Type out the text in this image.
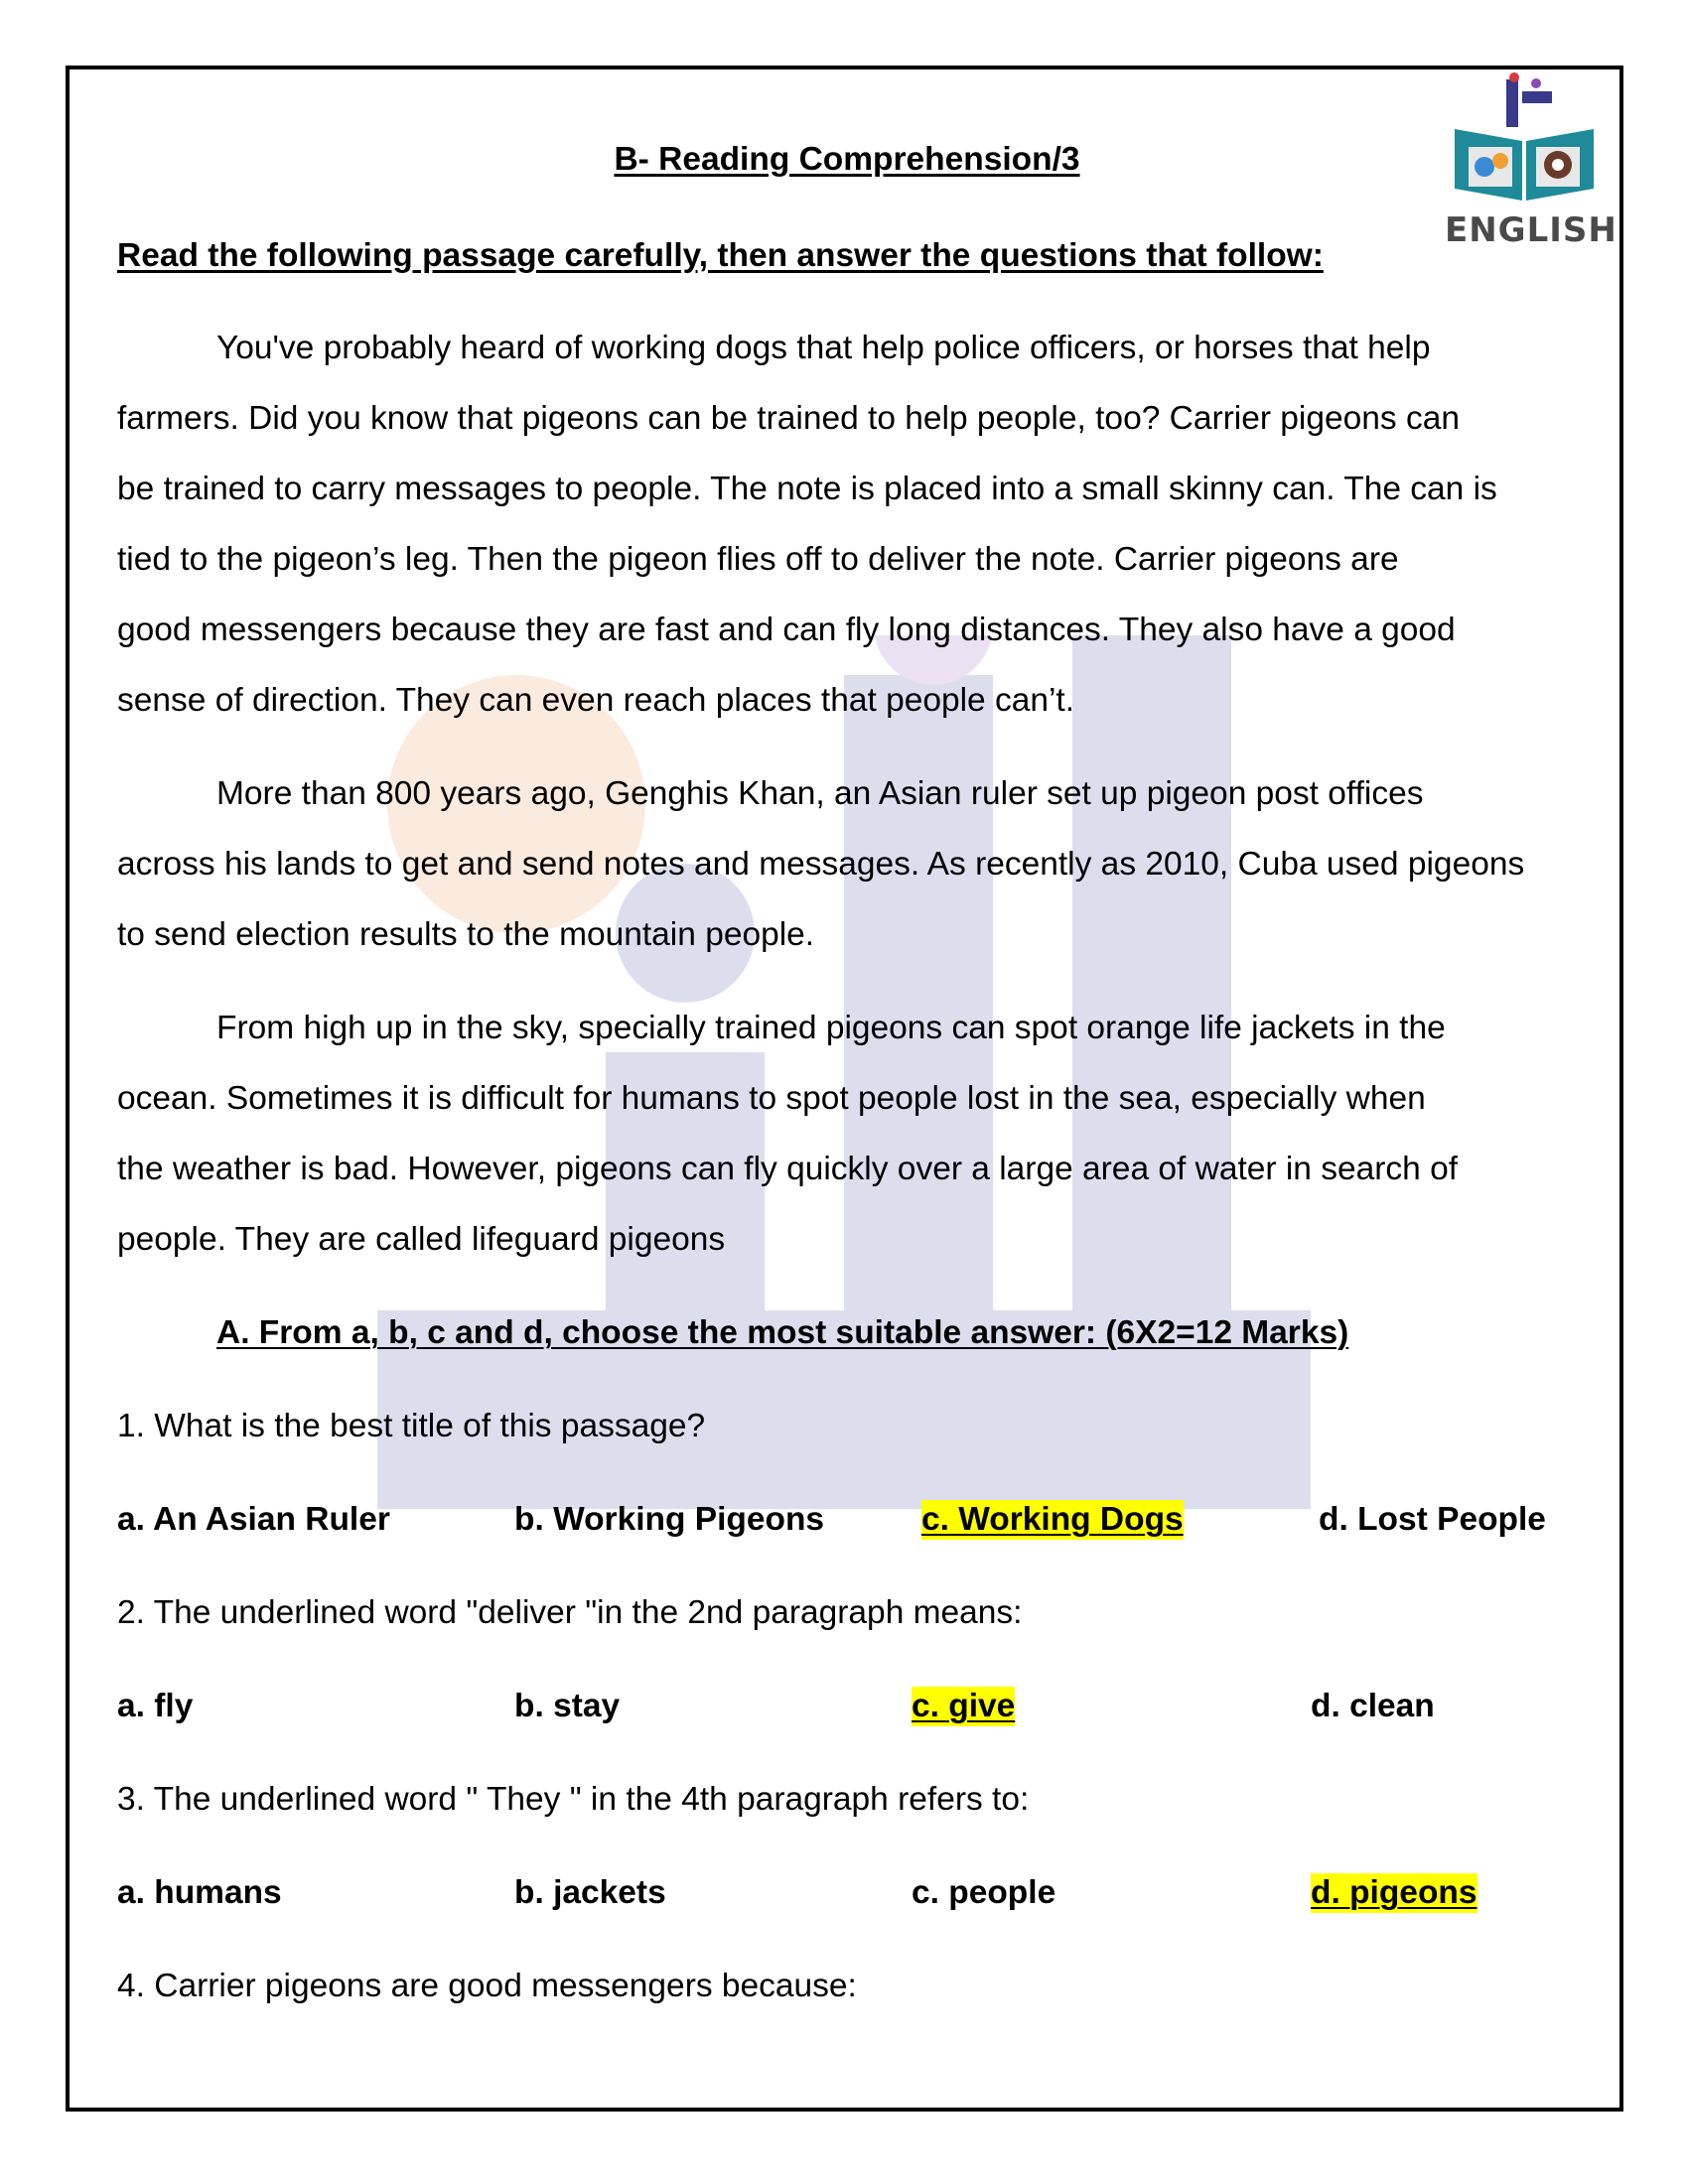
ENGLISH
B- Reading Comprehension/3
Read the following passage carefully, then answer the questions that follow:
You've probably heard of working dogs that help police officers, or horses that help
farmers. Did you know that pigeons can be trained to help people, too? Carrier pigeons can
be trained to carry messages to people. The note is placed into a small skinny can. The can is
tied to the pigeon’s leg. Then the pigeon flies off to deliver the note. Carrier pigeons are
good messengers because they are fast and can fly long distances. They also have a good
sense of direction. They can even reach places that people can’t.
More than 800 years ago, Genghis Khan, an Asian ruler set up pigeon post offices
across his lands to get and send notes and messages. As recently as 2010, Cuba used pigeons
to send election results to the mountain people.
From high up in the sky, specially trained pigeons can spot orange life jackets in the
ocean. Sometimes it is difficult for humans to spot people lost in the sea, especially when
the weather is bad. However, pigeons can fly quickly over a large area of water in search of
people. They are called lifeguard pigeons
A. From a, b, c and d, choose the most suitable answer: (6X2=12 Marks)
1. What is the best title of this passage?
a. An Asian Ruler	b. Working Pigeons	c. Working Dogs	d. Lost People
2. The underlined word "deliver "in the 2nd paragraph means:
a. fly	b. stay	c. give	d. clean
3. The underlined word " They " in the 4th paragraph refers to:
a. humans	b. jackets	c. people	d. pigeons
4. Carrier pigeons are good messengers because:
